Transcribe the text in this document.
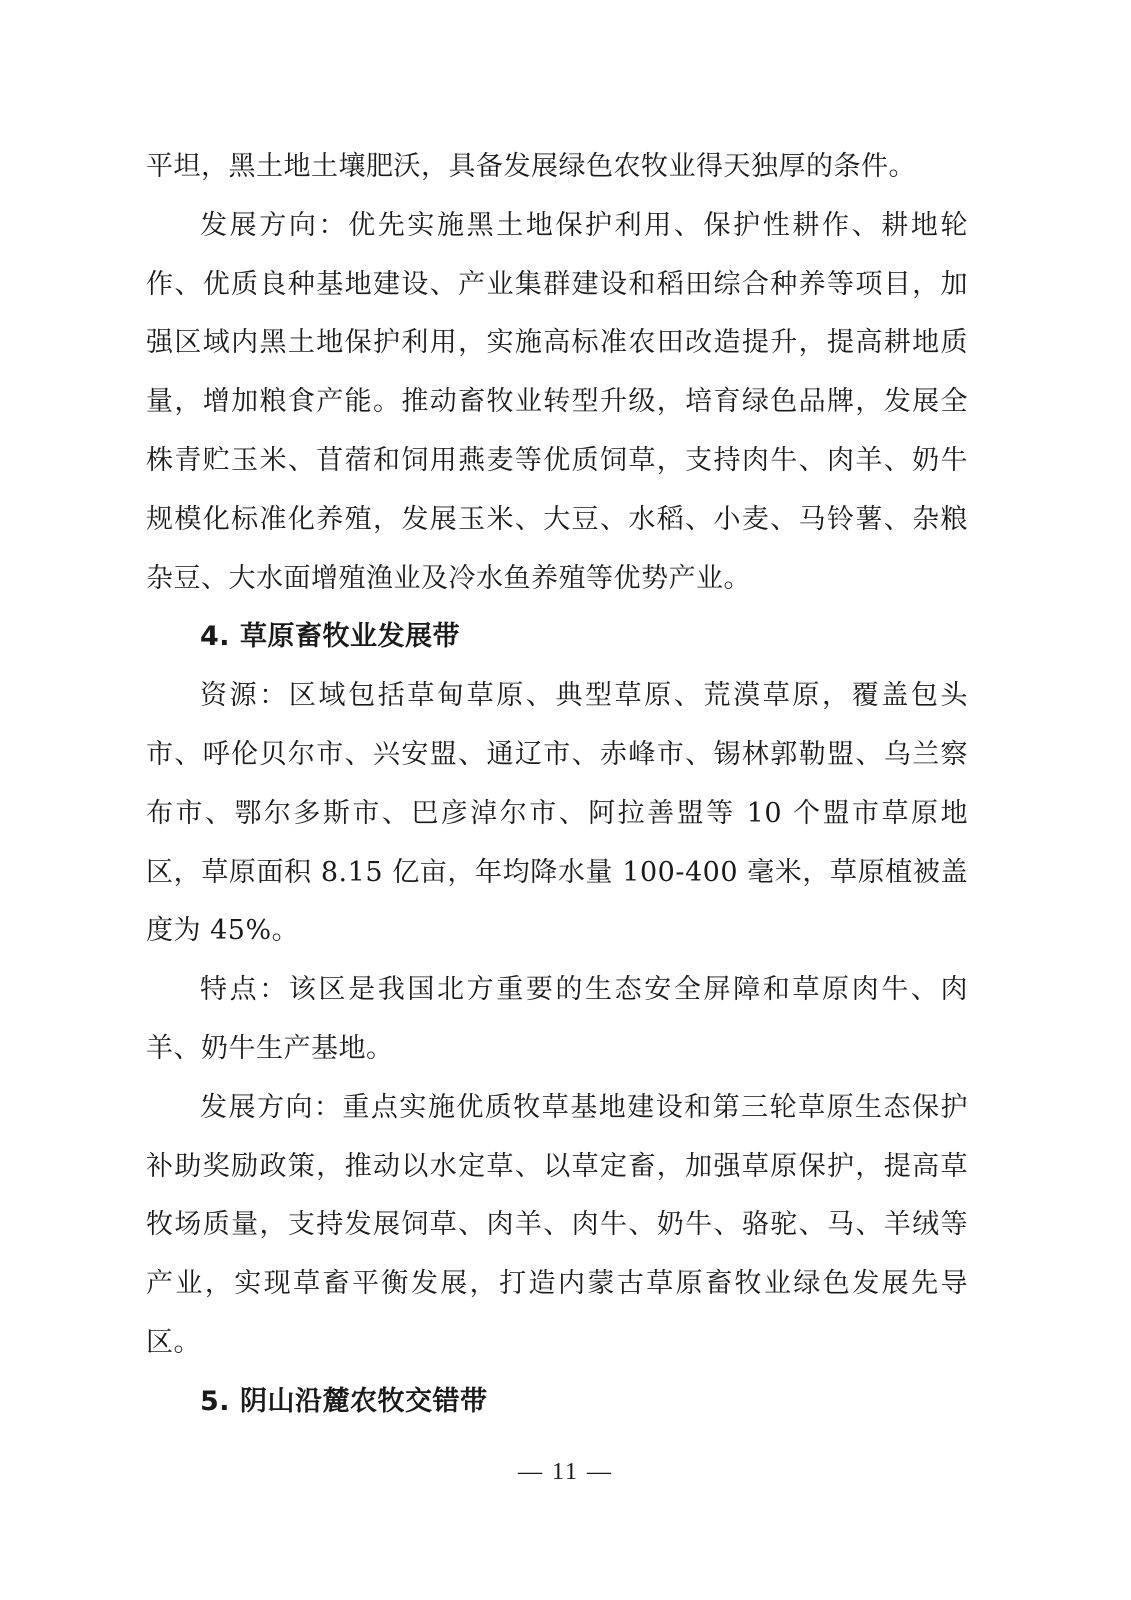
平坦，黑土地土壤肥沃，具备发展绿色农牧业得天独厚的条件。

发展方向：优先实施黑土地保护利用、保护性耕作、耕地轮作、优质良种基地建设、产业集群建设和稻田综合种养等项目，加强区域内黑土地保护利用，实施高标准农田改造提升，提高耕地质量，增加粮食产能。推动畜牧业转型升级，培育绿色品牌，发展全株青贮玉米、苜蓿和饲用燕麦等优质饲草，支持肉牛、肉羊、奶牛规模化标准化养殖，发展玉米、大豆、水稻、小麦、马铃薯、杂粮杂豆、大水面增殖渔业及冷水鱼养殖等优势产业。

4. 草原畜牧业发展带

资源：区域包括草甸草原、典型草原、荒漠草原，覆盖包头市、呼伦贝尔市、兴安盟、通辽市、赤峰市、锡林郭勒盟、乌兰察布市、鄂尔多斯市、巴彦淖尔市、阿拉善盟等 10 个盟市草原地区，草原面积 8.15 亿亩，年均降水量 100-400 毫米，草原植被盖度为 45%。

特点：该区是我国北方重要的生态安全屏障和草原肉牛、肉羊、奶牛生产基地。

发展方向：重点实施优质牧草基地建设和第三轮草原生态保护补助奖励政策，推动以水定草、以草定畜，加强草原保护，提高草牧场质量，支持发展饲草、肉羊、肉牛、奶牛、骆驼、马、羊绒等产业，实现草畜平衡发展，打造内蒙古草原畜牧业绿色发展先导区。

5. 阴山沿麓农牧交错带

— 11 —
